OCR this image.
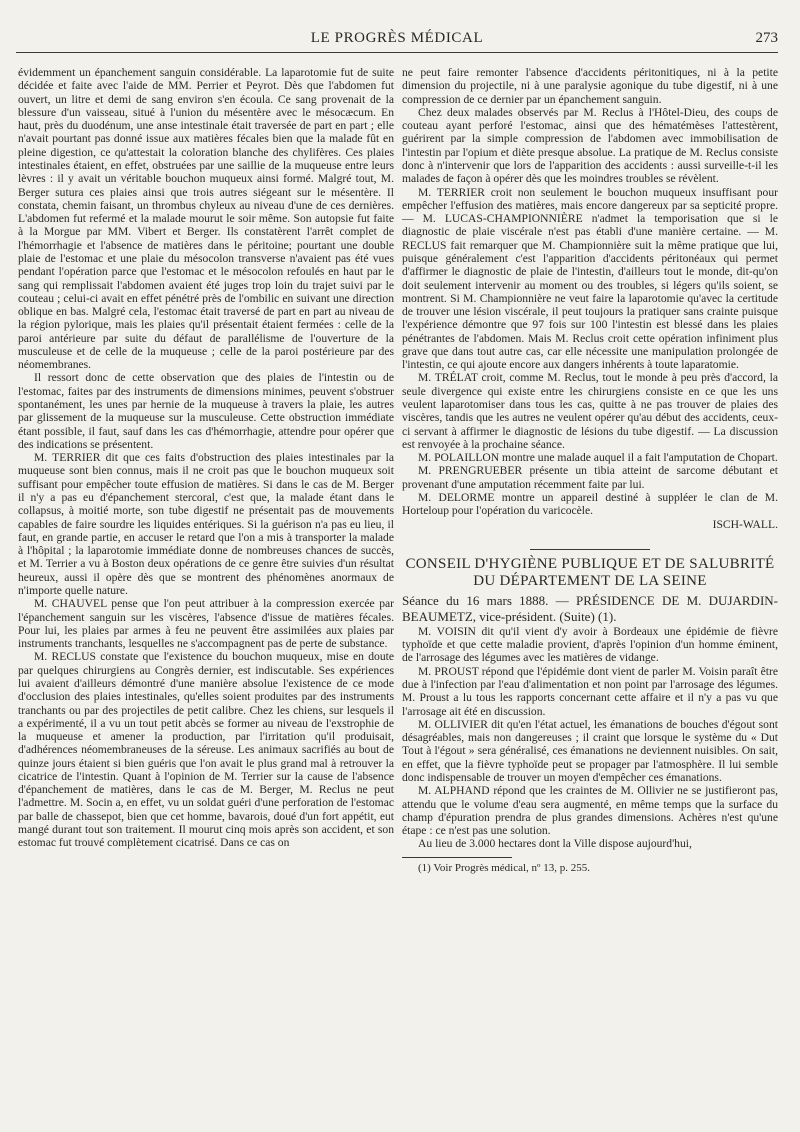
LE PROGRÈS MÉDICAL	273

évidemment un épanchement sanguin considérable. La laparotomie fut de suite décidée et faite avec l'aide de MM. Perrier et Peyrot. Dès que l'abdomen fut ouvert, un litre et demi de sang environ s'en écoula. Ce sang provenait de la blessure d'un vaisseau, situé à l'union du mésentère avec le mésocæcum. En haut, près du duodénum, une anse intestinale était traversée de part en part ; elle n'avait pourtant pas donné issue aux matières fécales bien que la malade fût en pleine digestion, ce qu'attestait la coloration blanche des chylifères. Ces plaies intestinales étaient, en effet, obstruées par une saillie de la muqueuse entre leurs lèvres : il y avait un véritable bouchon muqueux ainsi formé. Malgré tout, M. Berger sutura ces plaies ainsi que trois autres siégeant sur le mésentère. Il constata, chemin faisant, un thrombus chyleux au niveau d'une de ces dernières. L'abdomen fut refermé et la malade mourut le soir même. Son autopsie fut faite à la Morgue par MM. Vibert et Berger. Ils constatèrent l'arrêt complet de l'hémorrhagie et l'absence de matières dans le péritoine; pourtant une double plaie de l'estomac et une plaie du mésocolon transverse n'avaient pas été vues pendant l'opération parce que l'estomac et le mésocolon refoulés en haut par le sang qui remplissait l'abdomen avaient été juges trop loin du trajet suivi par le couteau ; celui-ci avait en effet pénétré près de l'ombilic en suivant une direction oblique en bas. Malgré cela, l'estomac était traversé de part en part au niveau de la région pylorique, mais les plaies qu'il présentait étaient fermées : celle de la paroi antérieure par suite du défaut de parallélisme de l'ouverture de la musculeuse et de celle de la muqueuse ; celle de la paroi postérieure par des néomembranes.

Il ressort donc de cette observation que des plaies de l'intestin ou de l'estomac, faites par des instruments de dimensions minimes, peuvent s'obstruer spontanément, les unes par hernie de la muqueuse à travers la plaie, les autres par glissement de la muqueuse sur la musculeuse. Cette obstruction immédiate étant possible, il faut, sauf dans les cas d'hémorrhagie, attendre pour opérer que des indications se présentent.

M. TERRIER dit que ces faits d'obstruction des plaies intestinales par la muqueuse sont bien connus, mais il ne croit pas que le bouchon muqueux soit suffisant pour empêcher toute effusion de matières. Si dans le cas de M. Berger il n'y a pas eu d'épanchement stercoral, c'est que, la malade étant dans le collapsus, à moitié morte, son tube digestif ne présentait pas de mouvements capables de faire sourdre les liquides entériques. Si la guérison n'a pas eu lieu, il faut, en grande partie, en accuser le retard que l'on a mis à transporter la malade à l'hôpital ; la laparotomie immédiate donne de nombreuses chances de succès, et M. Terrier a vu à Boston deux opérations de ce genre être suivies d'un résultat heureux, aussi il opère dès que se montrent des phénomènes anormaux de n'importe quelle nature.

M. CHAUVEL pense que l'on peut attribuer à la compression exercée par l'épanchement sanguin sur les viscères, l'absence d'issue de matières fécales. Pour lui, les plaies par armes à feu ne peuvent être assimilées aux plaies par instruments tranchants, lesquelles ne s'accompagnent pas de perte de substance.

M. RECLUS constate que l'existence du bouchon muqueux, mise en doute par quelques chirurgiens au Congrès dernier, est indiscutable. Ses expériences lui avaient d'ailleurs démontré d'une manière absolue l'existence de ce mode d'occlusion des plaies intestinales, qu'elles soient produites par des instruments tranchants ou par des projectiles de petit calibre. Chez les chiens, sur lesquels il a expérimenté, il a vu un tout petit abcès se former au niveau de l'exstrophie de la muqueuse et amener la production, par l'irritation qu'il produisait, d'adhérences néomembraneuses de la séreuse. Les animaux sacrifiés au bout de quinze jours étaient si bien guéris que l'on avait le plus grand mal à retrouver la cicatrice de l'intestin. Quant à l'opinion de M. Terrier sur la cause de l'absence d'épanchement de matières, dans le cas de M. Berger, M. Reclus ne peut l'admettre. M. Socin a, en effet, vu un soldat guéri d'une perforation de l'estomac par balle de chassepot, bien que cet homme, bavarois, doué d'un fort appétit, eut mangé durant tout son traitement. Il mourut cinq mois après son accident, et son estomac fut trouvé complètement cicatrisé. Dans ce cas on

ne peut faire remonter l'absence d'accidents péritonitiques, ni à la petite dimension du projectile, ni à une paralysie agonique du tube digestif, ni à une compression de ce dernier par un épanchement sanguin.

Chez deux malades observés par M. Reclus à l'Hôtel-Dieu, des coups de couteau ayant perforé l'estomac, ainsi que des hématémèses l'attestèrent, guérirent par la simple compression de l'abdomen avec immobilisation de l'intestin par l'opium et diète presque absolue. La pratique de M. Reclus consiste donc à n'intervenir que lors de l'apparition des accidents : aussi surveille-t-il les malades de façon à opérer dès que les moindres troubles se révèlent.

M. TERRIER croit non seulement le bouchon muqueux insuffisant pour empêcher l'effusion des matières, mais encore dangereux par sa septicité propre. — M. LUCAS-CHAMPIONNIÈRE n'admet la temporisation que si le diagnostic de plaie viscérale n'est pas établi d'une manière certaine. — M. RECLUS fait remarquer que M. Championnière suit la même pratique que lui, puisque généralement c'est l'apparition d'accidents péritonéaux qui permet d'affirmer le diagnostic de plaie de l'intestin, d'ailleurs tout le monde, dit-qu'on doit seulement intervenir au moment ou des troubles, si légers qu'ils soient, se montrent. Si M. Championnière ne veut faire la laparotomie qu'avec la certitude de trouver une lésion viscérale, il peut toujours la pratiquer sans crainte puisque l'expérience démontre que 97 fois sur 100 l'intestin est blessé dans les plaies pénétrantes de l'abdomen. Mais M. Reclus croit cette opération infiniment plus grave que dans tout autre cas, car elle nécessite une manipulation prolongée de l'intestin, ce qui ajoute encore aux dangers inhérents à toute laparatomie.

M. TRÉLAT croit, comme M. Reclus, tout le monde à peu près d'accord, la seule divergence qui existe entre les chirurgiens consiste en ce que les uns veulent laparotomiser dans tous les cas, quitte à ne pas trouver de plaies des viscères, tandis que les autres ne veulent opérer qu'au début des accidents, ceux-ci servant à affirmer le diagnostic de lésions du tube digestif. — La discussion est renvoyée à la prochaine séance.

M. POLAILLON montre une malade auquel il a fait l'amputation de Chopart.

M. PRENGRUEBER présente un tibia atteint de sarcome débutant et provenant d'une amputation récemment faite par lui.

M. DELORME montre un appareil destiné à suppléer le clan de M. Horteloup pour l'opération du varicocèle.

ISCH-WALL.

CONSEIL D'HYGIÈNE PUBLIQUE ET DE SALUBRITÉ
DU DÉPARTEMENT DE LA SEINE

Séance du 16 mars 1888. — PRÉSIDENCE DE M. DUJARDIN-BEAUMETZ, vice-président. (Suite) (1).

M. VOISIN dit qu'il vient d'y avoir à Bordeaux une épidémie de fièvre typhoïde et que cette maladie provient, d'après l'opinion d'un homme éminent, de l'arrosage des légumes avec les matières de vidange.

M. PROUST répond que l'épidémie dont vient de parler M. Voisin paraît être due à l'infection par l'eau d'alimentation et non point par l'arrosage des légumes. M. Proust a lu tous les rapports concernant cette affaire et il n'y a pas vu que l'arrosage ait été en discussion.

M. OLLIVIER dit qu'en l'état actuel, les émanations de bouches d'égout sont désagréables, mais non dangereuses ; il craint que lorsque le système du « Dut Tout à l'égout » sera généralisé, ces émanations ne deviennent nuisibles. On sait, en effet, que la fièvre typhoïde peut se propager par l'atmosphère. Il lui semble donc indispensable de trouver un moyen d'empêcher ces émanations.

M. ALPHAND répond que les craintes de M. Ollivier ne se justifieront pas, attendu que le volume d'eau sera augmenté, en même temps que la surface du champ d'épuration prendra de plus grandes dimensions. Achères n'est qu'une étape : ce n'est pas une solution.

Au lieu de 3.000 hectares dont la Ville dispose aujourd'hui,

(1) Voir Progrès médical, nº 13, p. 255.
